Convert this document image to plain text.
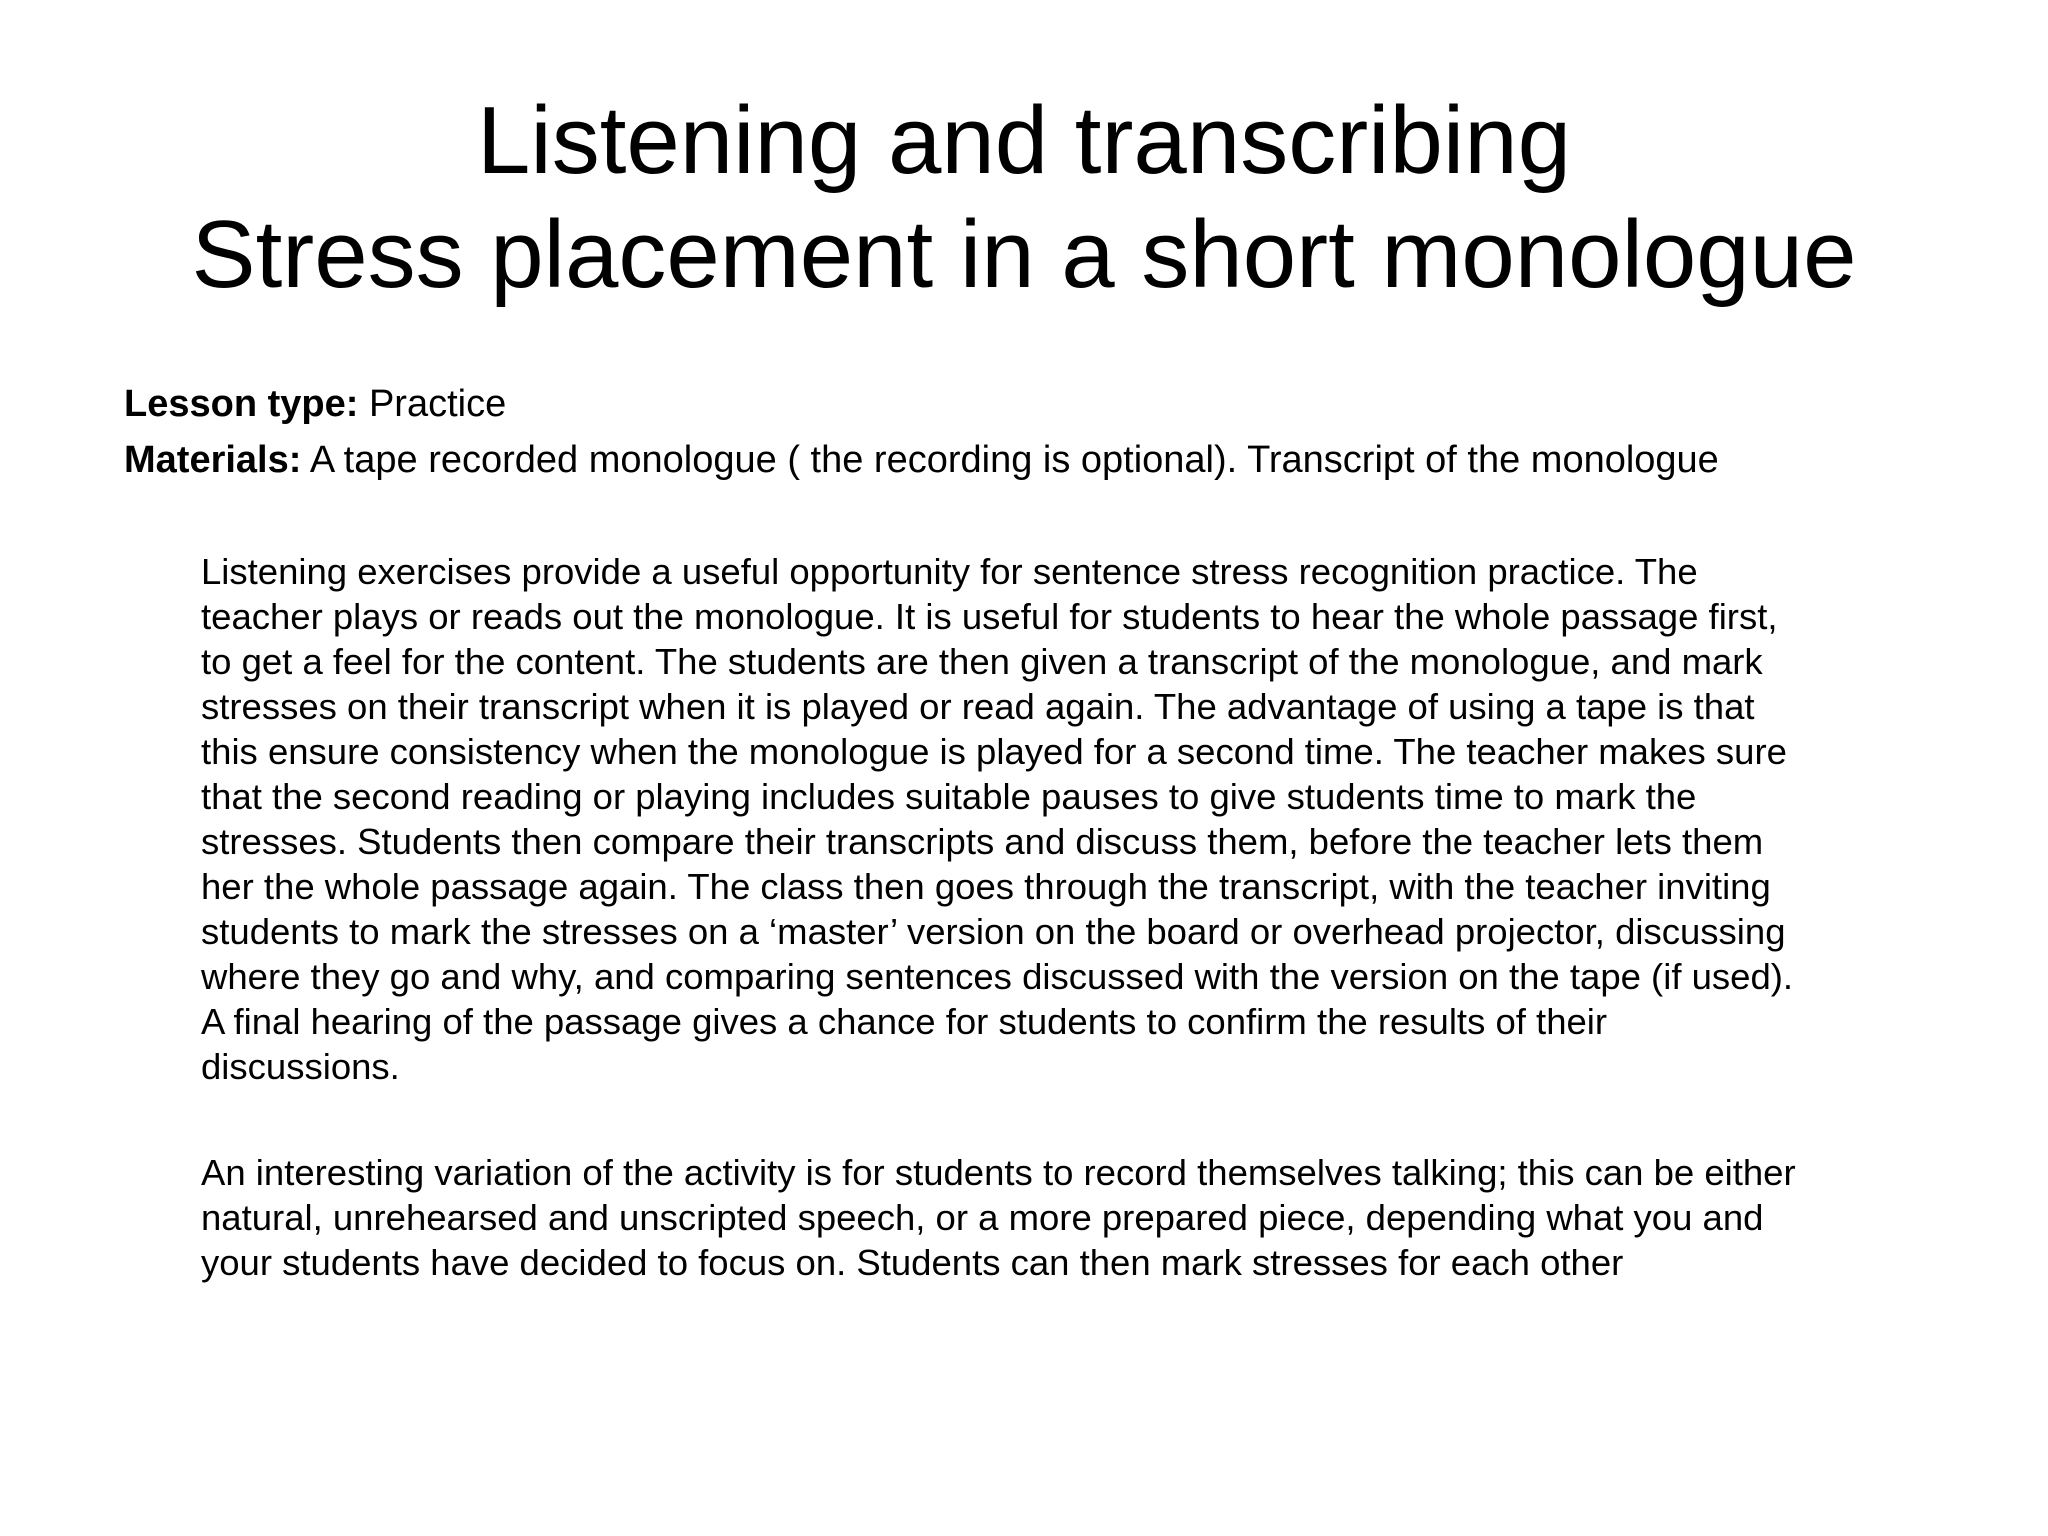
Listening and transcribing
Stress placement in a short monologue
Lesson type: Practice
Materials: A tape recorded monologue ( the recording is optional). Transcript of the monologue

Listening exercises provide a useful opportunity for sentence stress recognition practice. The
teacher plays or reads out the monologue. It is useful for students to hear the whole passage first,
to get a feel for the content. The students are then given a transcript of the monologue, and mark
stresses on their transcript when it is played or read again. The advantage of using a tape is that
this ensure consistency when the monologue is played for a second time. The teacher makes sure
that the second reading or playing includes suitable pauses to give students time to mark the
stresses. Students then compare their transcripts and discuss them, before the teacher lets them
her the whole passage again. The class then goes through the transcript, with the teacher inviting
students to mark the stresses on a ‘master’ version on the board or overhead projector, discussing
where they go and why, and comparing sentences discussed with the version on the tape (if used).
A final hearing of the passage gives a chance for students to confirm the results of their
discussions.

An interesting variation of the activity is for students to record themselves talking; this can be either
natural, unrehearsed and unscripted speech, or a more prepared piece, depending what you and
your students have decided to focus on. Students can then mark stresses for each other
